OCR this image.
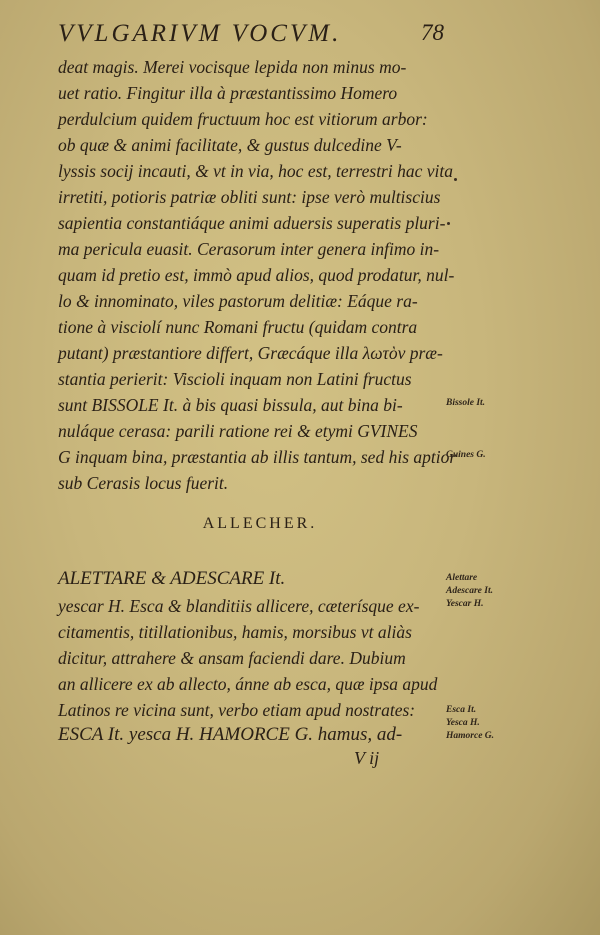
VVLGARIVM VOCVM.	78
deat magis. Merei vocisque lepida non minus mo-
uet ratio. Fingitur illa à præstantissimo Homero
perdulcium quidem fructuum hoc est vitiorum arbor:
ob quæ & animi facilitate, & gustus dulcedine V-
lyssis socij incauti, & vt in via, hoc est, terrestri hac vita
irretiti, potioris patriæ obliti sunt: ipse verò multiscius
sapientia constantiáque animi aduersis superatis pluri-
ma pericula euasit. Cerasorum inter genera infimo in-
quam id pretio est, immò apud alios, quod prodatur, nul-
lo & innominato, viles pastorum delitiæ: Eáque ra-
tione à visciolí nunc Romani fructu (quidam contra
putant) præstantiore differt, Græcáque illa λωτὸν præ-
stantia perierit: Viscioli inquam non Latini fructus
sunt BISSOLE It. à bis quasi bissula, aut bina bi-
nuláque cerasa: parili ratione rei & etymi GVINES
G inquam bina, præstantia ab illis tantum, sed his aptior
sub Cerasis locus fuerit.
ALLECHER.
ALETTARE & ADESCARE It.
yescar H. Esca & blanditiis allicere, cæterísque ex-
citamentis, titillationibus, hamis, morsibus vt aliàs
dicitur, attrahere & ansam faciendi dare. Dubium
an allicere ex ab allecto, ánne ab esca, quæ ipsa apud
Latinos re vicina sunt, verbo etiam apud nostrates:
ESCA It. yesca H. HAMORCE G. hamus, ad-
Bissole It.
Guines G.
Alettare
Adescare It.
Yescar H.
Esca It.
Yesca H.
Hamorce G.
V ij
